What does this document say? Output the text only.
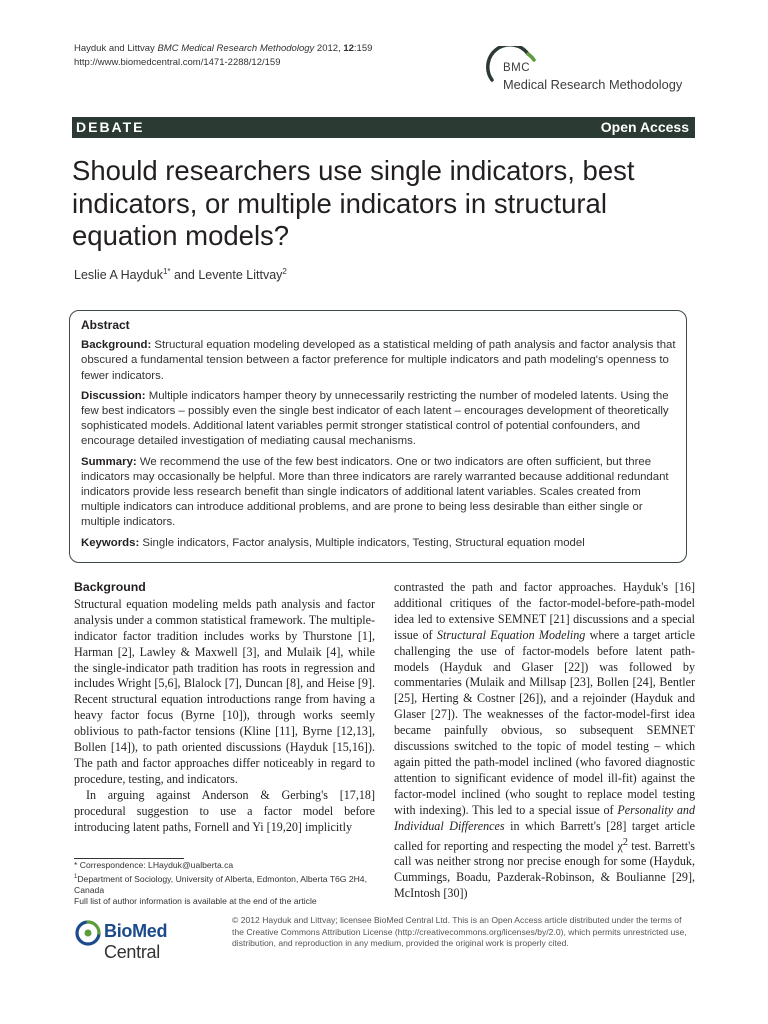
Hayduk and Littvay BMC Medical Research Methodology 2012, 12:159
http://www.biomedcentral.com/1471-2288/12/159	BMC
Medical Research Methodology
DEBATE	Open Access
Should researchers use single indicators, best indicators, or multiple indicators in structural equation models?
Leslie A Hayduk$^{1*}$ and Levente Littvay$^2$
Abstract

Background: Structural equation modeling developed as a statistical melding of path analysis and factor analysis that obscured a fundamental tension between a factor preference for multiple indicators and path modeling's openness to fewer indicators.

Discussion: Multiple indicators hamper theory by unnecessarily restricting the number of modeled latents. Using the few best indicators – possibly even the single best indicator of each latent – encourages development of theoretically sophisticated models. Additional latent variables permit stronger statistical control of potential confounders, and encourage detailed investigation of mediating causal mechanisms.

Summary: We recommend the use of the few best indicators. One or two indicators are often sufficient, but three indicators may occasionally be helpful. More than three indicators are rarely warranted because additional redundant indicators provide less research benefit than single indicators of additional latent variables. Scales created from multiple indicators can introduce additional problems, and are prone to being less desirable than either single or multiple indicators.

Keywords: Single indicators, Factor analysis, Multiple indicators, Testing, Structural equation model

Background

Structural equation modeling melds path analysis and factor analysis under a common statistical framework. The multiple-indicator factor tradition includes works by Thurstone [1], Harman [2], Lawley & Maxwell [3], and Mulaik [4], while the single-indicator path tradition has roots in regression and includes Wright [5,6], Blalock [7], Duncan [8], and Heise [9]. Recent structural equation introductions range from having a heavy factor focus (Byrne [10]), through works seemly oblivious to path-factor tensions (Kline [11], Byrne [12,13], Bollen [14]), to path oriented discussions (Hayduk [15,16]). The path and factor approaches differ noticeably in regard to procedure, testing, and indicators.

In arguing against Anderson & Gerbing's [17,18] procedural suggestion to use a factor model before introducing latent paths, Fornell and Yi [19,20] implicitly

contrasted the path and factor approaches. Hayduk's [16] additional critiques of the factor-model-before-path-model idea led to extensive SEMNET [21] discussions and a special issue of Structural Equation Modeling where a target article challenging the use of factor-models before latent path-models (Hayduk and Glaser [22]) was followed by commentaries (Mulaik and Millsap [23], Bollen [24], Bentler [25], Herting & Costner [26]), and a rejoinder (Hayduk and Glaser [27]). The weaknesses of the factor-model-first idea became painfully obvious, so subsequent SEMNET discussions switched to the topic of model testing – which again pitted the path-model inclined (who favored diagnostic attention to significant evidence of model ill-fit) against the factor-model inclined (who sought to replace model testing with indexing). This led to a special issue of Personality and Individual Differences in which Barrett's [28] target article called for reporting and respecting the model $\chi^2$ test. Barrett's call was neither strong nor precise enough for some (Hayduk, Cummings, Boadu, Pazderak-Robinson, & Boulianne [29], McIntosh [30])

* Correspondence: LHayduk@ualberta.ca

$^1$Department of Sociology, University of Alberta, Edmonton, Alberta T6G 2H4, Canada

Full list of author information is available at the end of the article

BioMed Central
© 2012 Hayduk and Littvay; licensee BioMed Central Ltd. This is an Open Access article distributed under the terms of the Creative Commons Attribution License (http://creativecommons.org/licenses/by/2.0), which permits unrestricted use, distribution, and reproduction in any medium, provided the original work is properly cited.
